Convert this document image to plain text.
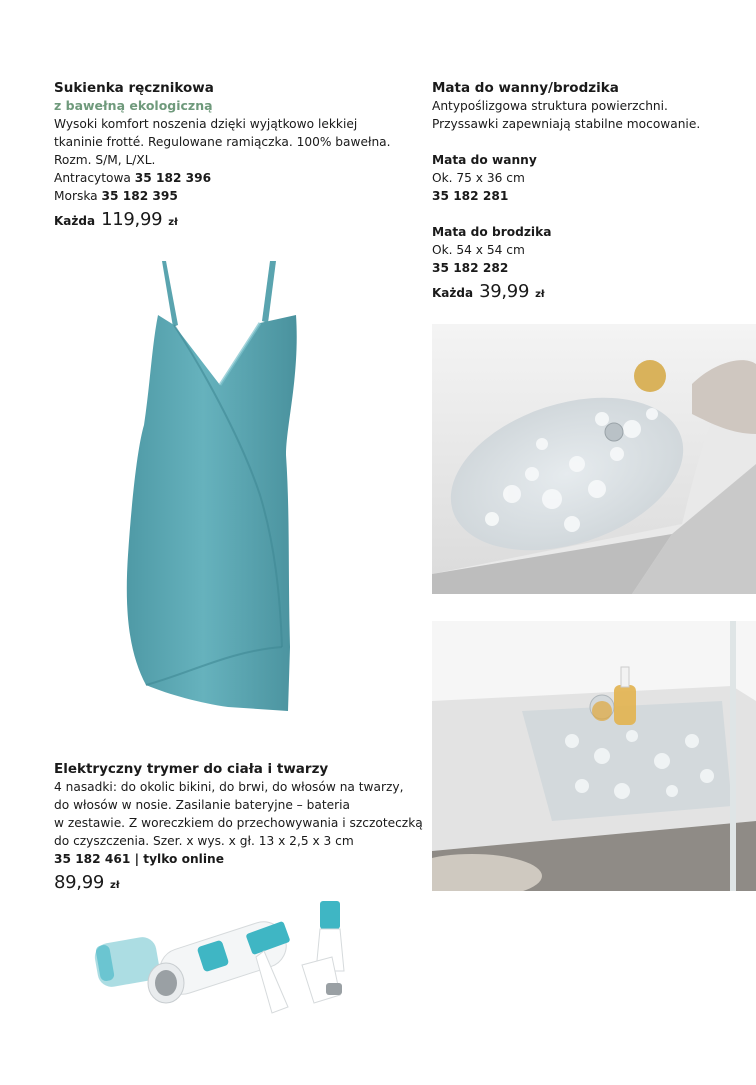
Sukienka ręcznikowa
z bawełną ekologiczną
Wysoki komfort noszenia dzięki wyjątkowo lekkiej
tkaninie frotté. Regulowane ramiączka. 100% bawełna.
Rozm. S/M, L/XL.
Antracytowa 35 182 396
Morska 35 182 395
Każda 119,99 zł
Elektryczny trymer do ciała i twarzy
4 nasadki: do okolic bikini, do brwi, do włosów na twarzy,
do włosów w nosie. Zasilanie bateryjne – bateria
w zestawie. Z woreczkiem do przechowywania i szczoteczką
do czyszczenia. Szer. x wys. x gł. 13 x 2,5 x 3 cm
35 182 461 | tylko online
89,99 zł
Mata do wanny/brodzika
Antypoślizgowa struktura powierzchni.
Przyssawki zapewniają stabilne mocowanie.
Mata do wanny
Ok. 75 x 36 cm
35 182 281
Mata do brodzika
Ok. 54 x 54 cm
35 182 282
Każda 39,99 zł
